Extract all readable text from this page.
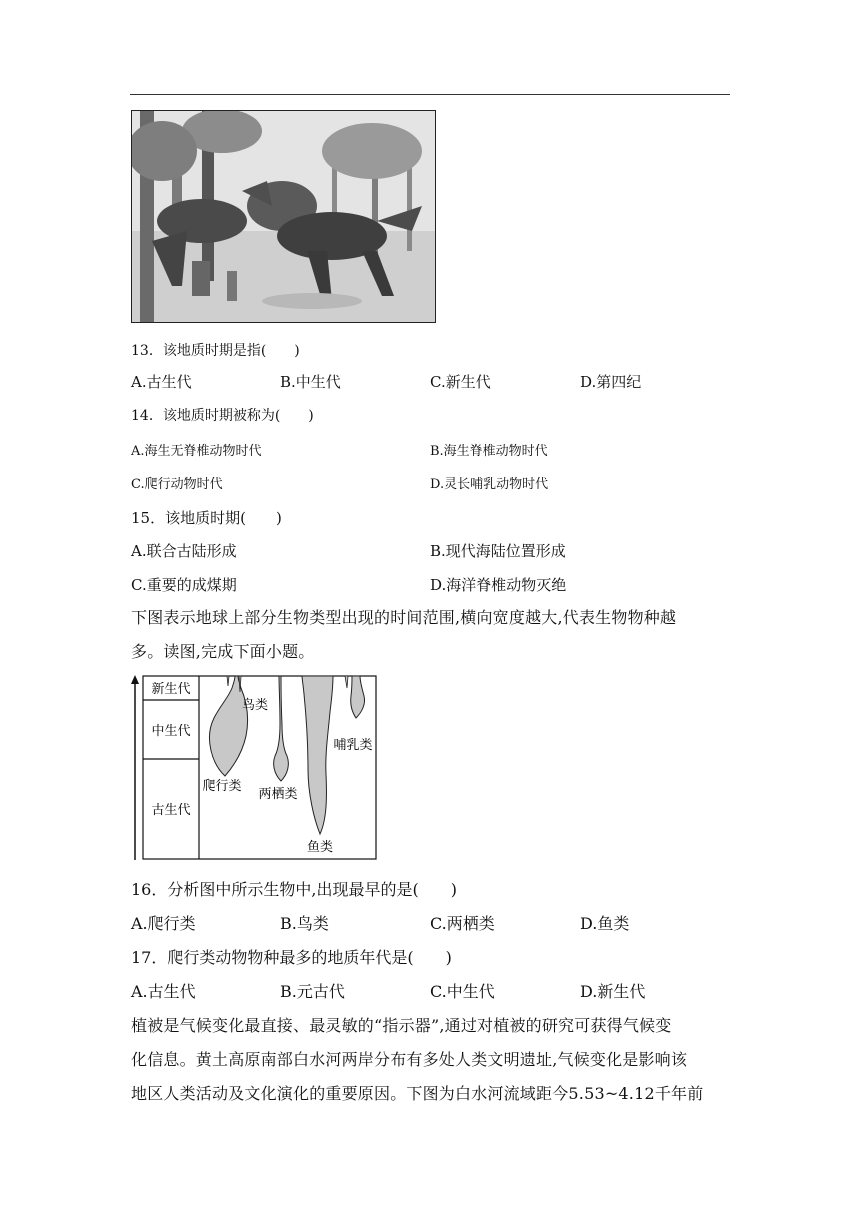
13．该地质时期是指(　　)
A.古生代	B.中生代	C.新生代	D.第四纪
14．该地质时期被称为(　　)
A.海生无脊椎动物时代	B.海生脊椎动物时代
C.爬行动物时代	D.灵长哺乳动物时代
15．该地质时期(　　)
A.联合古陆形成	B.现代海陆位置形成
C.重要的成煤期	D.海洋脊椎动物灭绝
下图表示地球上部分生物类型出现的时间范围,横向宽度越大,代表生物物种越
多。读图,完成下面小题。
新生代
中生代
古生代
鸟类
哺乳类
爬行类
两栖类
鱼类
16．分析图中所示生物中,出现最早的是(　　)
A.爬行类	B.鸟类	C.两栖类	D.鱼类
17．爬行类动物物种最多的地质年代是(　　)
A.古生代	B.元古代	C.中生代	D.新生代
植被是气候变化最直接、最灵敏的“指示器”,通过对植被的研究可获得气候变
化信息。黄土高原南部白水河两岸分布有多处人类文明遗址,气候变化是影响该
地区人类活动及文化演化的重要原因。下图为白水河流域距今5.53~4.12千年前
